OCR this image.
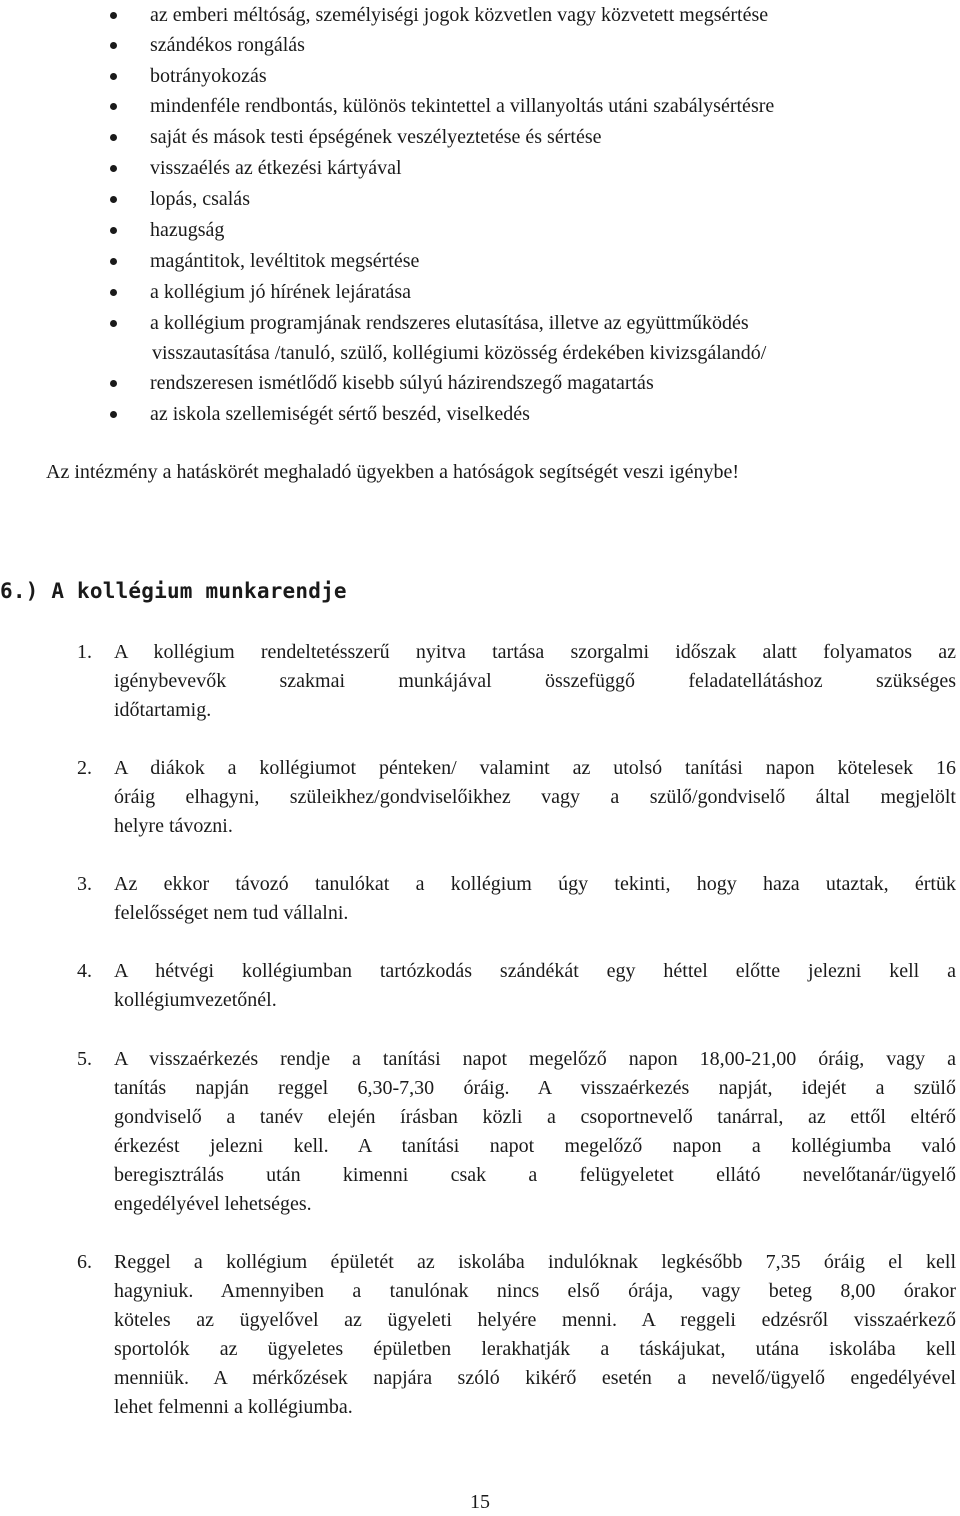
az emberi méltóság, személyiségi jogok közvetlen vagy közvetett megsértése
szándékos rongálás
botrányokozás
mindenféle rendbontás, különös tekintettel a villanyoltás utáni szabálysértésre
saját és mások testi épségének veszélyeztetése és sértése
visszaélés az étkezési kártyával
lopás, csalás
hazugság
magántitok, levéltitok megsértése
a kollégium jó hírének lejáratása
a kollégium programjának rendszeres elutasítása, illetve az együttműködés
visszautasítása /tanuló, szülő, kollégiumi közösség érdekében kivizsgálandó/
rendszeresen ismétlődő kisebb súlyú házirendszegő magatartás
az iskola szellemiségét sértő beszéd, viselkedés
Az intézmény a hatáskörét meghaladó ügyekben a hatóságok segítségét veszi igénybe!
6.) A kollégium munkarendje
1. A kollégium rendeltetésszerű nyitva tartása szorgalmi időszak alatt folyamatos az
igénybevevők szakmai munkájával összefüggő feladatellátáshoz szükséges
időtartamig.
2. A diákok a kollégiumot pénteken/ valamint az utolsó tanítási napon kötelesek 16
óráig elhagyni, szüleikhez/gondviselőikhez vagy a szülő/gondviselő által megjelölt
helyre távozni.
3. Az ekkor távozó tanulókat a kollégium úgy tekinti, hogy haza utaztak, értük
felelősséget nem tud vállalni.
4. A hétvégi kollégiumban tartózkodás szándékát egy héttel előtte jelezni kell a
kollégiumvezetőnél.
5. A visszaérkezés rendje a tanítási napot megelőző napon 18,00-21,00 óráig, vagy a
tanítás napján reggel 6,30-7,30 óráig. A visszaérkezés napját, idejét a szülő
gondviselő a tanév elején írásban közli a csoportnevelő tanárral, az ettől eltérő
érkezést jelezni kell. A tanítási napot megelőző napon a kollégiumba való
beregisztrálás után kimenni csak a felügyeletet ellátó nevelőtanár/ügyelő
engedélyével lehetséges.
6. Reggel a kollégium épületét az iskolába indulóknak legkésőbb 7,35 óráig el kell
hagyniuk. Amennyiben a tanulónak nincs első órája, vagy beteg 8,00 órakor
köteles az ügyelővel az ügyeleti helyére menni. A reggeli edzésről visszaérkező
sportolók az ügyeletes épületben lerakhatják a táskájukat, utána iskolába kell
menniük. A mérkőzések napjára szóló kikérő esetén a nevelő/ügyelő engedélyével
lehet felmenni a kollégiumba.
15
